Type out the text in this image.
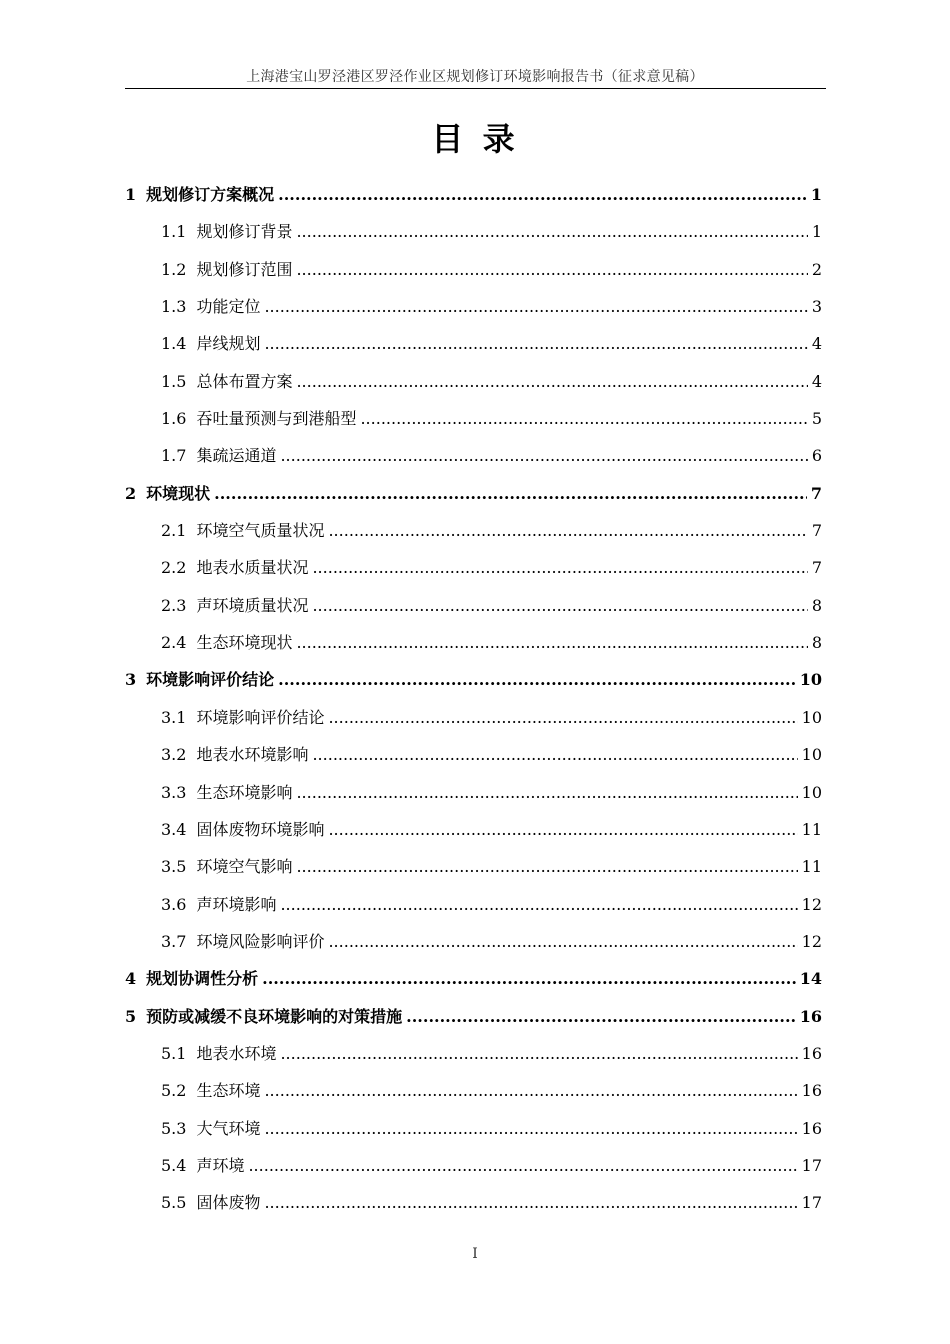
上海港宝山罗泾港区罗泾作业区规划修订环境影响报告书（征求意见稿）
目 录
1 规划修订方案概况 .....	1
1.1 规划修订背景 .....	1
1.2 规划修订范围 .....	2
1.3 功能定位 .....	3
1.4 岸线规划 .....	4
1.5 总体布置方案 .....	4
1.6 吞吐量预测与到港船型 .....	5
1.7 集疏运通道 .....	6
2 环境现状 .....	7
2.1 环境空气质量状况 .....	7
2.2 地表水质量状况 .....	7
2.3 声环境质量状况 .....	8
2.4 生态环境现状 .....	8
3 环境影响评价结论 .....	10
3.1 环境影响评价结论 .....	10
3.2 地表水环境影响 .....	10
3.3 生态环境影响 .....	10
3.4 固体废物环境影响 .....	11
3.5 环境空气影响 .....	11
3.6 声环境影响 .....	12
3.7 环境风险影响评价 .....	12
4 规划协调性分析 .....	14
5 预防或减缓不良环境影响的对策措施 .....	16
5.1 地表水环境 .....	16
5.2 生态环境 .....	16
5.3 大气环境 .....	16
5.4 声环境 .....	17
5.5 固体废物 .....	17
I
